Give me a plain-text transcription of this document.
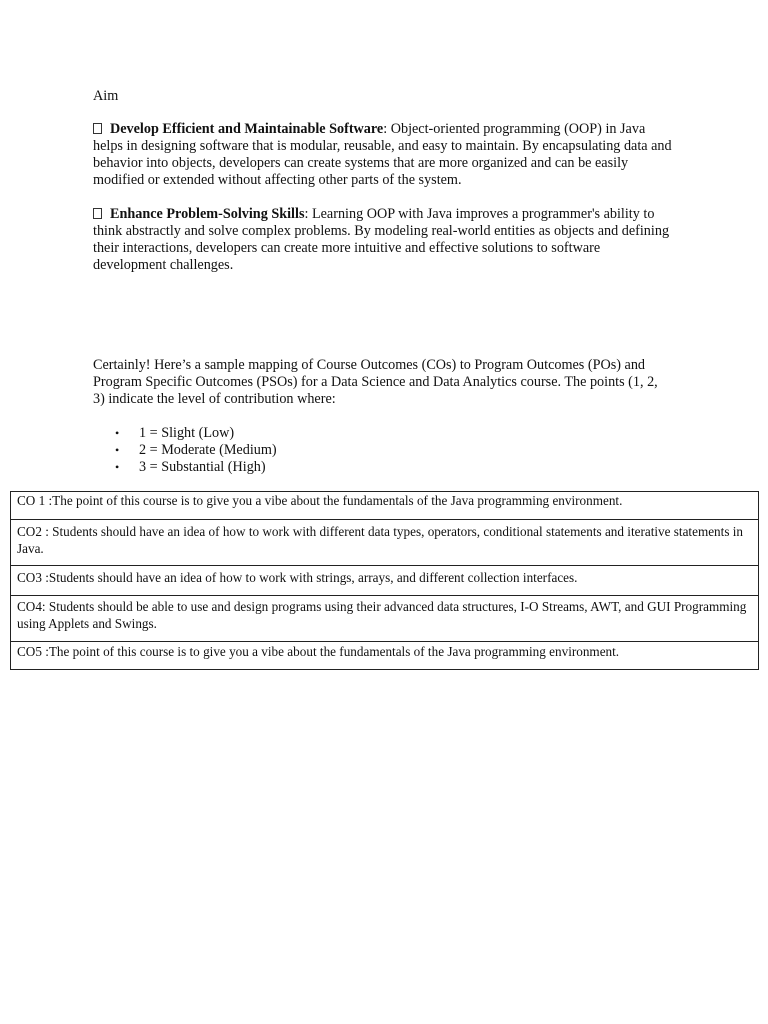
Aim

Develop Efficient and Maintainable Software: Object-oriented programming (OOP) in Java helps in designing software that is modular, reusable, and easy to maintain. By encapsulating data and behavior into objects, developers can create systems that are more organized and can be easily modified or extended without affecting other parts of the system.

Enhance Problem-Solving Skills: Learning OOP with Java improves a programmer's ability to think abstractly and solve complex problems. By modeling real-world entities as objects and defining their interactions, developers can create more intuitive and effective solutions to software development challenges.

Certainly! Here’s a sample mapping of Course Outcomes (COs) to Program Outcomes (POs) and Program Specific Outcomes (PSOs) for a Data Science and Data Analytics course. The points (1, 2, 3) indicate the level of contribution where:

• 1 = Slight (Low)
• 2 = Moderate (Medium)
• 3 = Substantial (High)
CO 1 :The point of this course is to give you a vibe about the fundamentals of the Java programming environment.
CO2 : Students should have an idea of how to work with different data types, operators, conditional statements and iterative statements in Java.
CO3 :Students should have an idea of how to work with strings, arrays, and different collection interfaces.
CO4: Students should be able to use and design programs using their advanced data structures, I-O Streams, AWT, and GUI Programming using Applets and Swings.
CO5 :The point of this course is to give you a vibe about the fundamentals of the Java programming environment.
